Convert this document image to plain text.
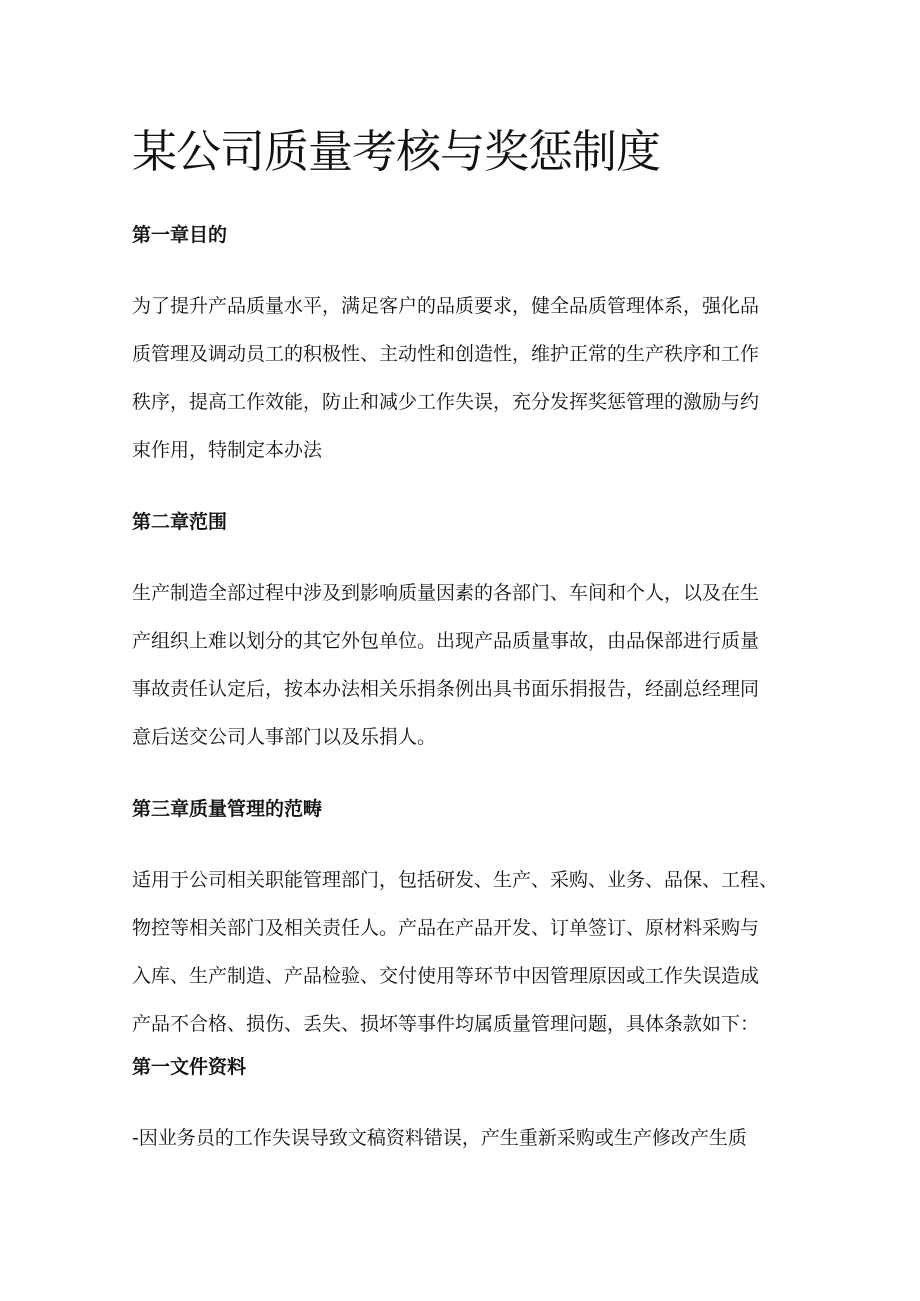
某公司质量考核与奖惩制度
第一章目的
为了提升产品质量水平，满足客户的品质要求，健全品质管理体系，强化品
质管理及调动员工的积极性、主动性和创造性，维护正常的生产秩序和工作
秩序，提高工作效能，防止和减少工作失误，充分发挥奖惩管理的激励与约
束作用，特制定本办法
第二章范围
生产制造全部过程中涉及到影响质量因素的各部门、车间和个人，以及在生
产组织上难以划分的其它外包单位。出现产品质量事故，由品保部进行质量
事故责任认定后，按本办法相关乐捐条例出具书面乐捐报告，经副总经理同
意后送交公司人事部门以及乐捐人。
第三章质量管理的范畴
适用于公司相关职能管理部门，包括研发、生产、采购、业务、品保、工程、
物控等相关部门及相关责任人。产品在产品开发、订单签订、原材料采购与
入库、生产制造、产品检验、交付使用等环节中因管理原因或工作失误造成
产品不合格、损伤、丢失、损坏等事件均属质量管理问题，具体条款如下：
第一文件资料
-因业务员的工作失误导致文稿资料错误，产生重新采购或生产修改产生质
